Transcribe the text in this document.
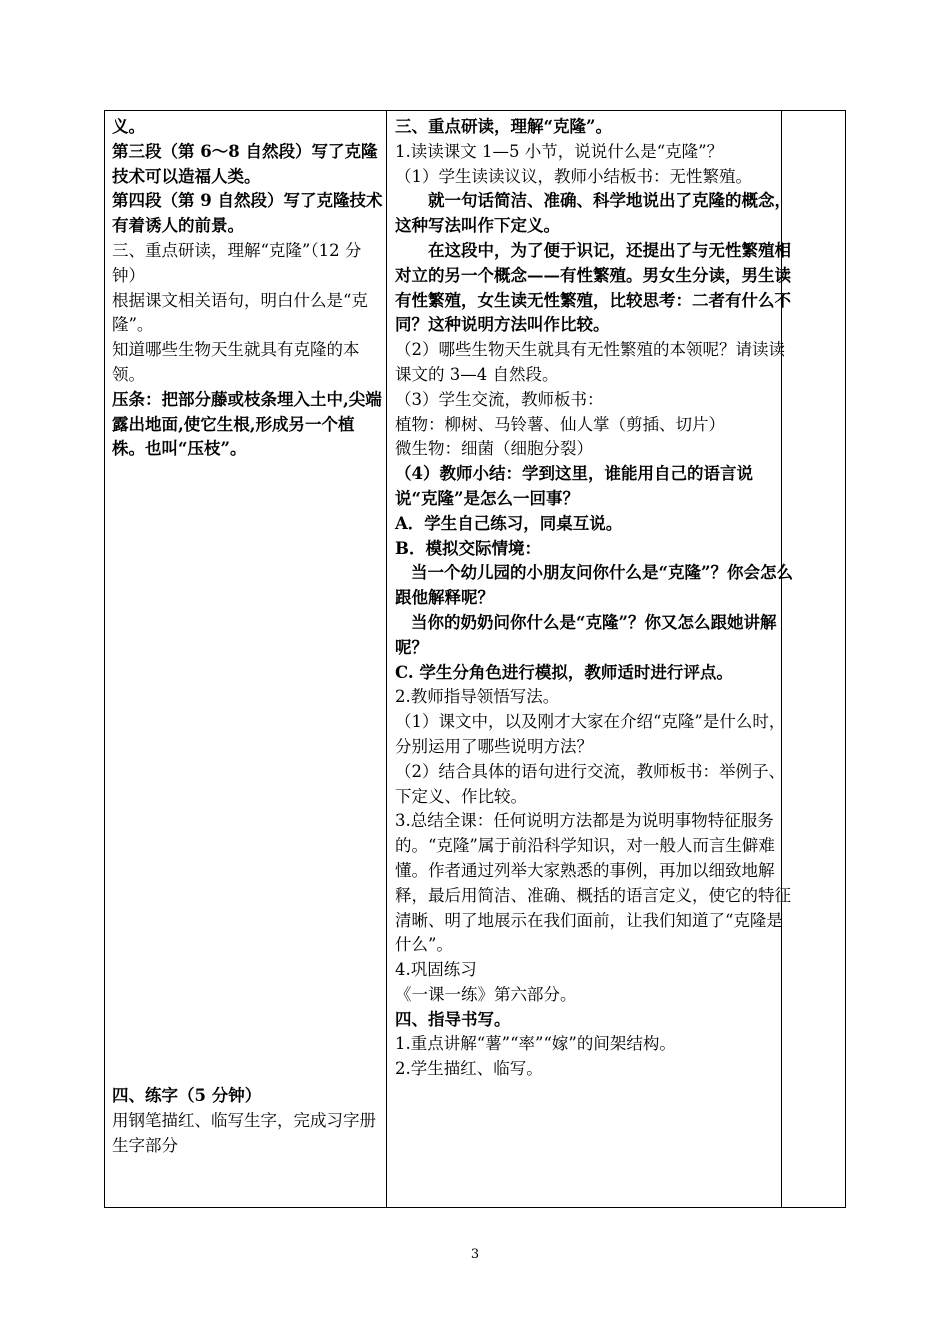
义。

第三段（第 6～8 自然段）写了克隆技术可以造福人类。

第四段（第 9 自然段）写了克隆技术有着诱人的前景。

三、重点研读，理解“克隆”（12 分钟）

根据课文相关语句，明白什么是“克隆”。

知道哪些生物天生就具有克隆的本领。

压条：把部分藤或枝条埋入土中,尖端露出地面,使它生根,形成另一个植株。也叫“压枝”。

四、练字（5 分钟）

用钢笔描红、临写生字，完成习字册生字部分

三、重点研读，理解“克隆”。

1.读读课文 1—5 小节，说说什么是“克隆”？

（1）学生读读议议，教师小结板书：无性繁殖。

就一句话简洁、准确、科学地说出了克隆的概念，这种写法叫作下定义。

在这段中，为了便于识记，还提出了与无性繁殖相对立的另一个概念——有性繁殖。男女生分读，男生读有性繁殖，女生读无性繁殖，比较思考：二者有什么不同？这种说明方法叫作比较。

（2）哪些生物天生就具有无性繁殖的本领呢？请读读课文的 3—4 自然段。

（3）学生交流，教师板书：

植物：柳树、马铃薯、仙人掌（剪插、切片）

微生物：细菌（细胞分裂）

（4）教师小结：学到这里，谁能用自己的语言说说“克隆”是怎么一回事？

A．学生自己练习，同桌互说。

B．模拟交际情境：

当一个幼儿园的小朋友问你什么是“克隆”？你会怎么跟他解释呢？

当你的奶奶问你什么是“克隆”？你又怎么跟她讲解呢？

C. 学生分角色进行模拟，教师适时进行评点。

2.教师指导领悟写法。

（1）课文中，以及刚才大家在介绍“克隆”是什么时，分别运用了哪些说明方法？

（2）结合具体的语句进行交流，教师板书：举例子、下定义、作比较。

3.总结全课：任何说明方法都是为说明事物特征服务的。“克隆”属于前沿科学知识，对一般人而言生僻难懂。作者通过列举大家熟悉的事例，再加以细致地解释，最后用简洁、准确、概括的语言定义，使它的特征清晰、明了地展示在我们面前，让我们知道了“克隆是什么”。

4.巩固练习

《一课一练》第六部分。

四、指导书写。

1.重点讲解“薯”“率”“嫁”的间架结构。

2.学生描红、临写。

3
